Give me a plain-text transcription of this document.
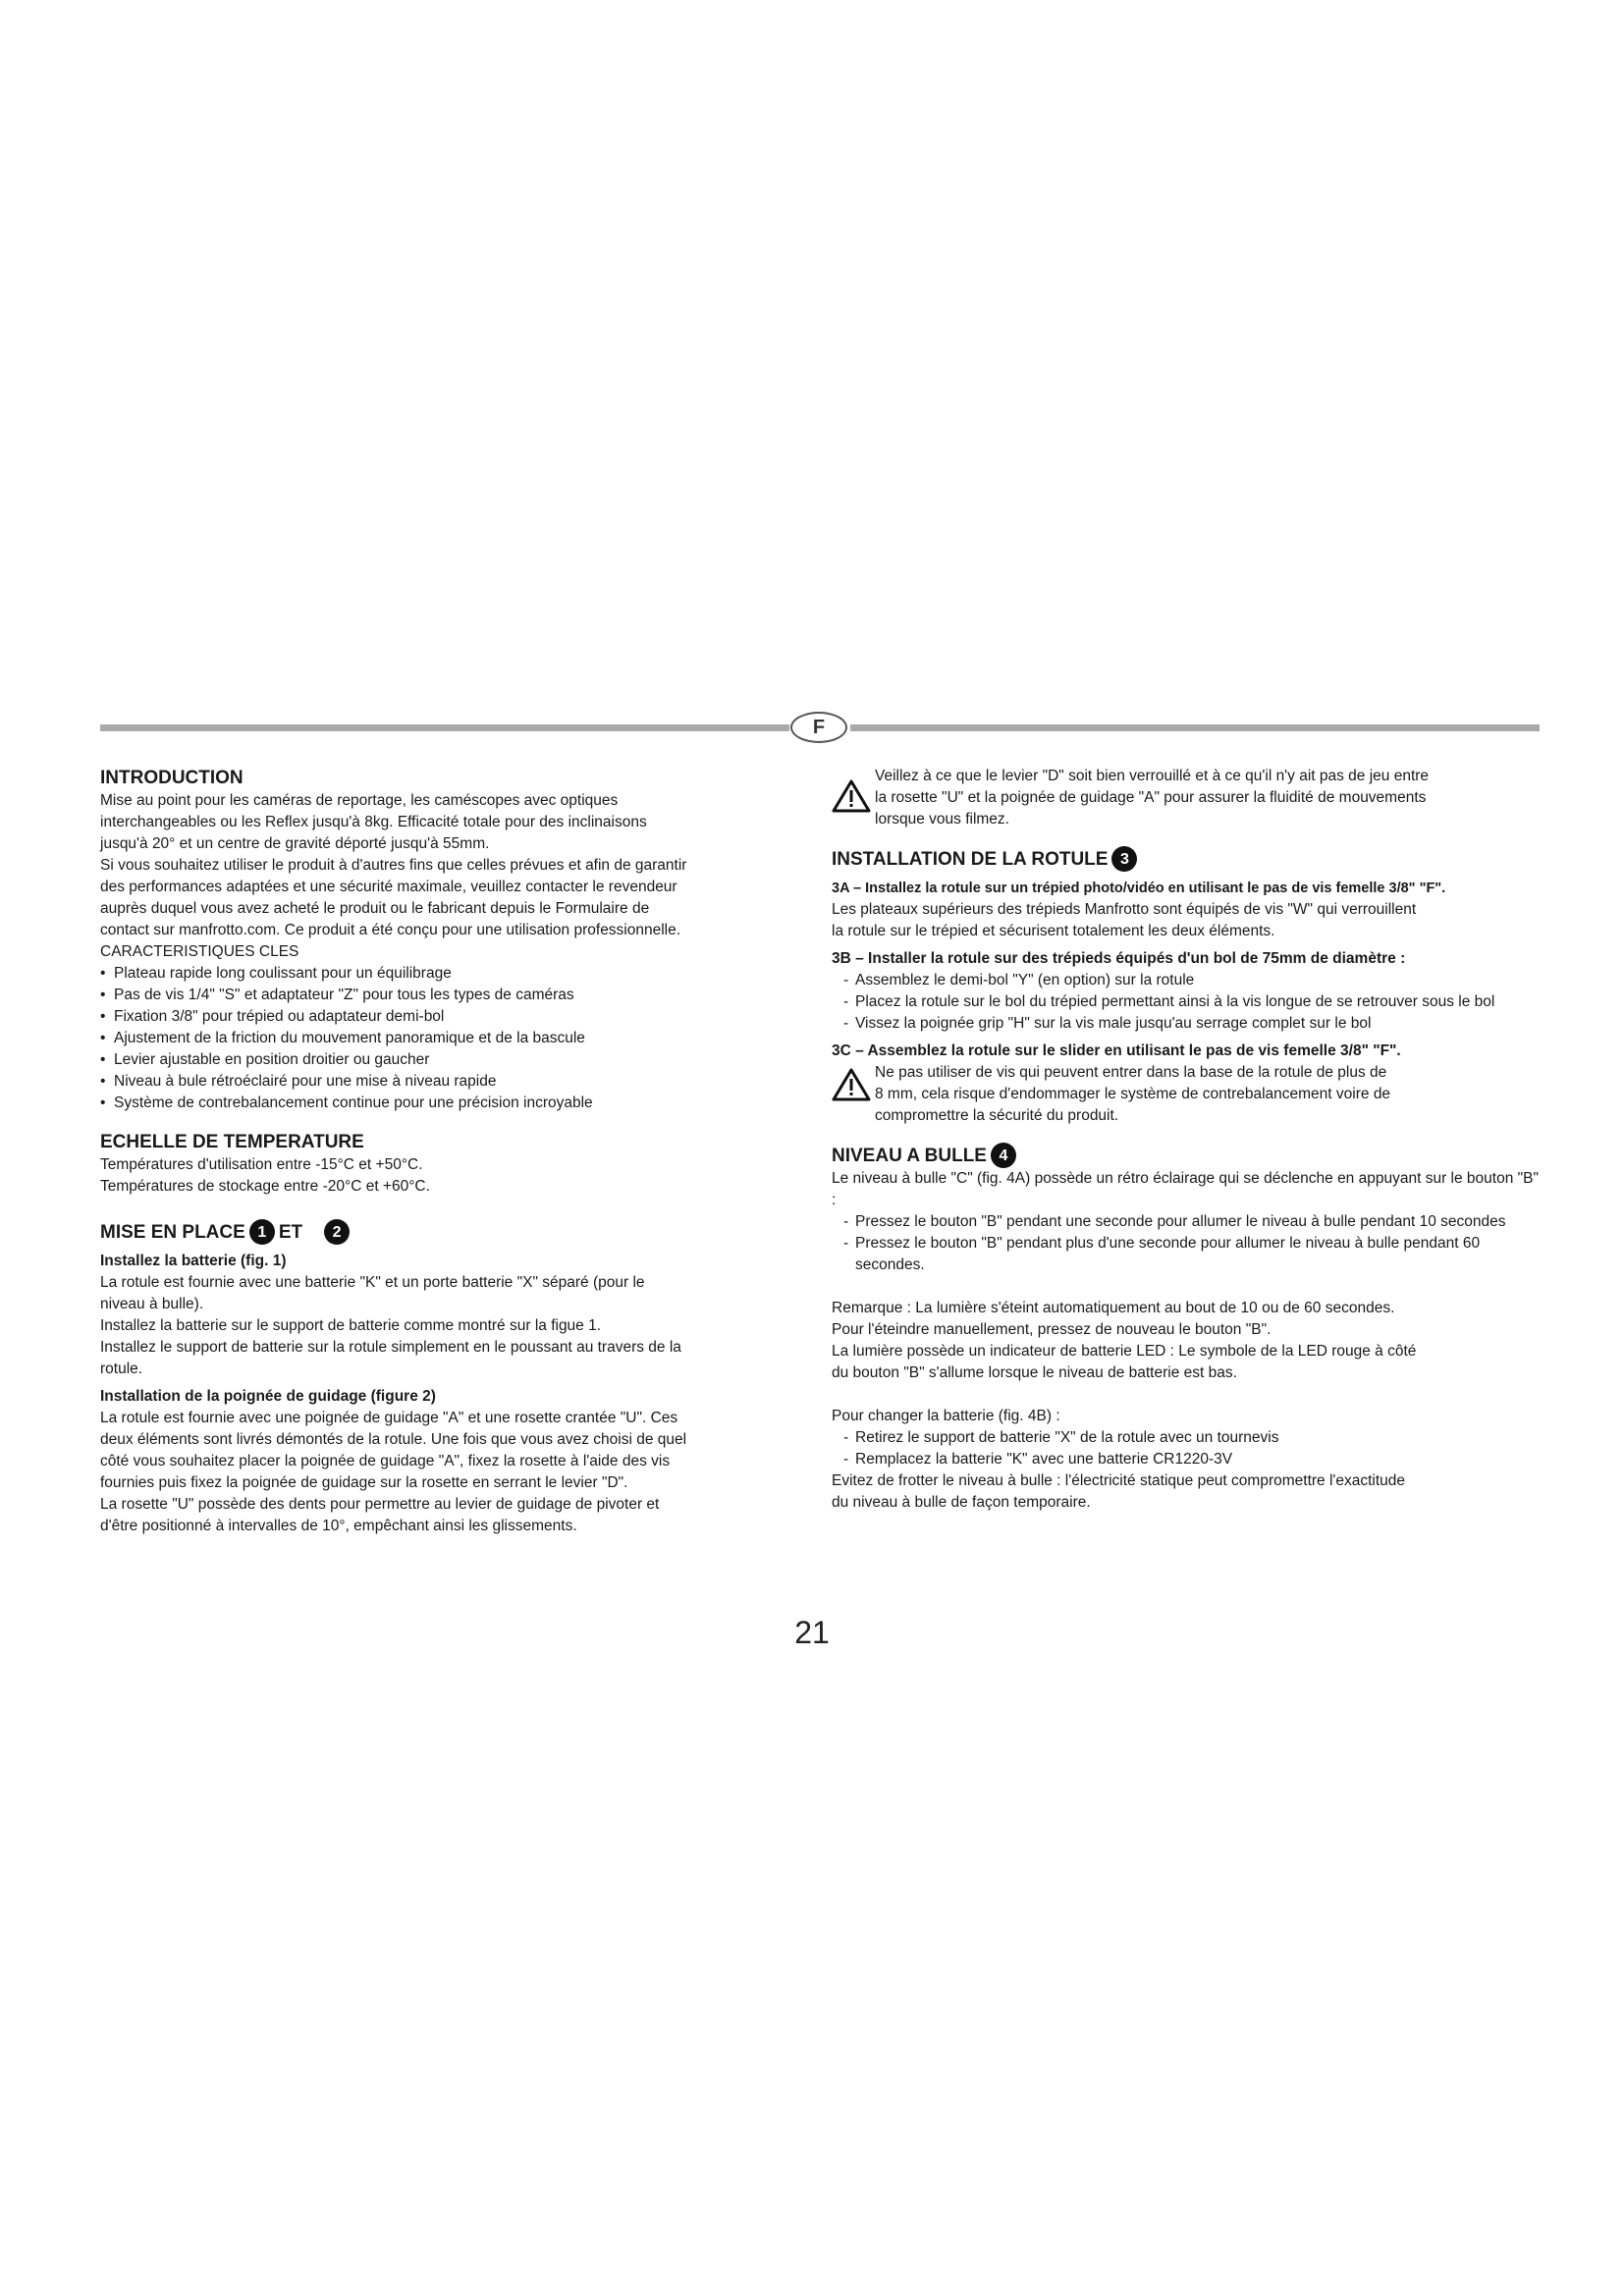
F
INTRODUCTION

Mise au point pour les caméras de reportage, les caméscopes avec optiques

interchangeables ou les Reflex jusqu'à 8kg. Efficacité totale pour des inclinaisons

jusqu'à 20° et un centre de gravité déporté jusqu'à 55mm.

Si vous souhaitez utiliser le produit à d'autres fins que celles prévues et afin de garantir

des performances adaptées et une sécurité maximale, veuillez contacter le revendeur

auprès duquel vous avez acheté le produit ou le fabricant depuis le Formulaire de

contact sur manfrotto.com. Ce produit a été conçu pour une utilisation professionnelle.

CARACTERISTIQUES CLES

• Plateau rapide long coulissant pour un équilibrage
• Pas de vis 1/4" "S" et adaptateur "Z" pour tous les types de caméras
• Fixation 3/8" pour trépied ou adaptateur demi-bol
• Ajustement de la friction du mouvement panoramique et de la bascule
• Levier ajustable en position droitier ou gaucher
• Niveau à bule rétroéclairé pour une mise à niveau rapide
• Système de contrebalancement continue pour une précision incroyable
ECHELLE DE TEMPERATURE

Températures d'utilisation entre -15°C et +50°C.

Températures de stockage entre -20°C et +60°C.

MISE EN PLACE 1 ET	2
Installez la batterie (fig. 1)

La rotule est fournie avec une batterie "K" et un porte batterie "X" séparé (pour le

niveau à bulle).

Installez la batterie sur le support de batterie comme montré sur la figue 1.

Installez le support de batterie sur la rotule simplement en le poussant au travers de la

rotule.

Installation de la poignée de guidage (figure 2)

La rotule est fournie avec une poignée de guidage "A" et une rosette crantée "U". Ces

deux éléments sont livrés démontés de la rotule. Une fois que vous avez choisi de quel

côté vous souhaitez placer la poignée de guidage "A", fixez la rosette à l'aide des vis

fournies puis fixez la poignée de guidage sur la rosette en serrant le levier "D".

La rosette "U" possède des dents pour permettre au levier de guidage de pivoter et

d'être positionné à intervalles de 10°, empêchant ainsi les glissements.

Veillez à ce que le levier "D" soit bien verrouillé et à ce qu'il n'y ait pas de jeu entre

la rosette "U" et la poignée de guidage "A" pour assurer la fluidité de mouvements

lorsque vous filmez.

INSTALLATION DE LA ROTULE 3
3A – Installez la rotule sur un trépied photo/vidéo en utilisant le pas de vis femelle 3/8" "F".

Les plateaux supérieurs des trépieds Manfrotto sont équipés de vis "W" qui verrouillent

la rotule sur le trépied et sécurisent totalement les deux éléments.

3B – Installer la rotule sur des trépieds équipés d'un bol de 75mm de diamètre :
- Assemblez le demi-bol "Y" (en option) sur la rotule
- Placez la rotule sur le bol du trépied permettant ainsi à la vis longue de se retrouver sous le bol
- Vissez la poignée grip "H" sur la vis male jusqu'au serrage complet sur le bol
3C – Assemblez la rotule sur le slider en utilisant le pas de vis femelle 3/8" "F".

Ne pas utiliser de vis qui peuvent entrer dans la base de la rotule de plus de

8 mm, cela risque d'endommager le système de contrebalancement voire de

compromettre la sécurité du produit.

NIVEAU A BULLE 4

Le niveau à bulle "C" (fig. 4A) possède un rétro éclairage qui se déclenche en appuyant sur le bouton "B" :

- Pressez le bouton "B" pendant une seconde pour allumer le niveau à bulle pendant 10 secondes
- Pressez le bouton "B" pendant plus d'une seconde pour allumer le niveau à bulle pendant 60 secondes.

Remarque : La lumière s'éteint automatiquement au bout de 10 ou de 60 secondes.

Pour l'éteindre manuellement, pressez de nouveau le bouton "B".

La lumière possède un indicateur de batterie LED : Le symbole de la LED rouge à côté

du bouton "B" s'allume lorsque le niveau de batterie est bas.

Pour changer la batterie (fig. 4B) :

- Retirez le support de batterie "X" de la rotule avec un tournevis
- Remplacez la batterie "K" avec une batterie CR1220-3V

Evitez de frotter le niveau à bulle : l'électricité statique peut compromettre l'exactitude

du niveau à bulle de façon temporaire.

21
